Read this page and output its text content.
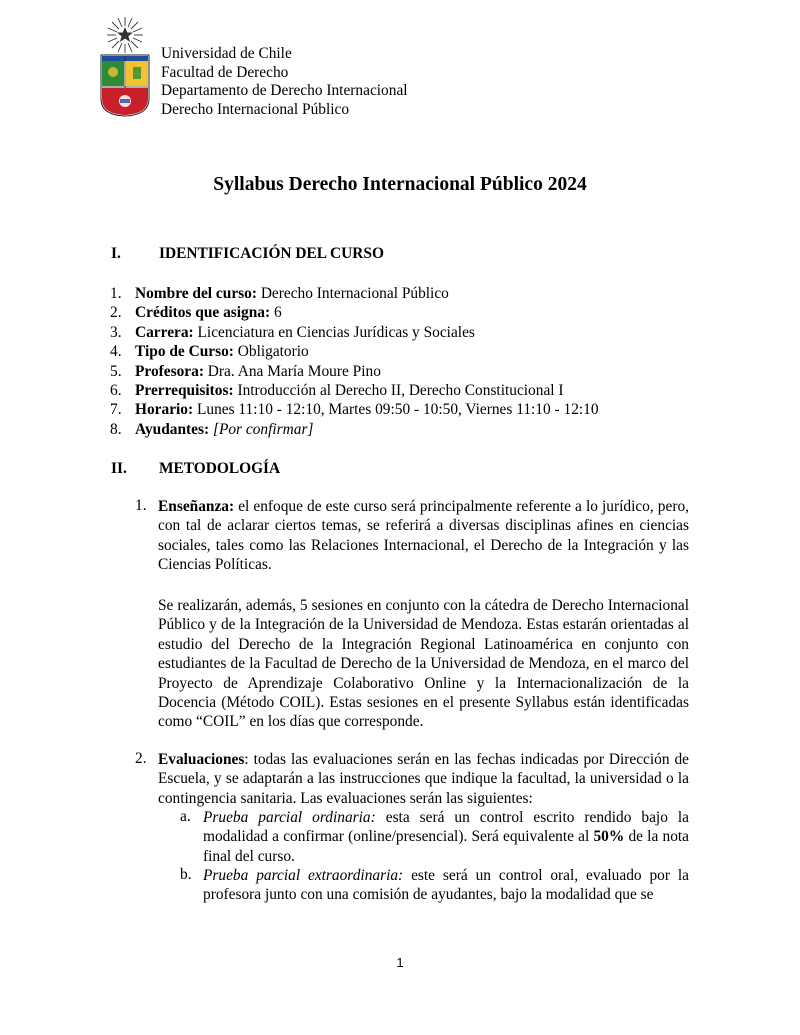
Universidad de Chile
Facultad de Derecho
Departamento de Derecho Internacional
Derecho Internacional Público
Syllabus Derecho Internacional Público 2024
I. IDENTIFICACIÓN DEL CURSO
1. Nombre del curso: Derecho Internacional Público
2. Créditos que asigna: 6
3. Carrera: Licenciatura en Ciencias Jurídicas y Sociales
4. Tipo de Curso: Obligatorio
5. Profesora: Dra. Ana María Moure Pino
6. Prerrequisitos: Introducción al Derecho II, Derecho Constitucional I
7. Horario: Lunes 11:10 - 12:10, Martes 09:50 - 10:50, Viernes 11:10 - 12:10
8. Ayudantes: [Por confirmar]
II. METODOLOGÍA
1. Enseñanza: el enfoque de este curso será principalmente referente a lo jurídico, pero, con tal de aclarar ciertos temas, se referirá a diversas disciplinas afines en ciencias sociales, tales como las Relaciones Internacional, el Derecho de la Integración y las Ciencias Políticas.
Se realizarán, además, 5 sesiones en conjunto con la cátedra de Derecho Internacional Público y de la Integración de la Universidad de Mendoza. Estas estarán orientadas al estudio del Derecho de la Integración Regional Latinoamérica en conjunto con estudiantes de la Facultad de Derecho de la Universidad de Mendoza, en el marco del Proyecto de Aprendizaje Colaborativo Online y la Internacionalización de la Docencia (Método COIL). Estas sesiones en el presente Syllabus están identificadas como “COIL” en los días que corresponde.
2. Evaluaciones: todas las evaluaciones serán en las fechas indicadas por Dirección de Escuela, y se adaptarán a las instrucciones que indique la facultad, la universidad o la contingencia sanitaria. Las evaluaciones serán las siguientes:
a. Prueba parcial ordinaria: esta será un control escrito rendido bajo la modalidad a confirmar (online/presencial). Será equivalente al 50% de la nota final del curso.
b. Prueba parcial extraordinaria: este será un control oral, evaluado por la profesora junto con una comisión de ayudantes, bajo la modalidad que se
1
